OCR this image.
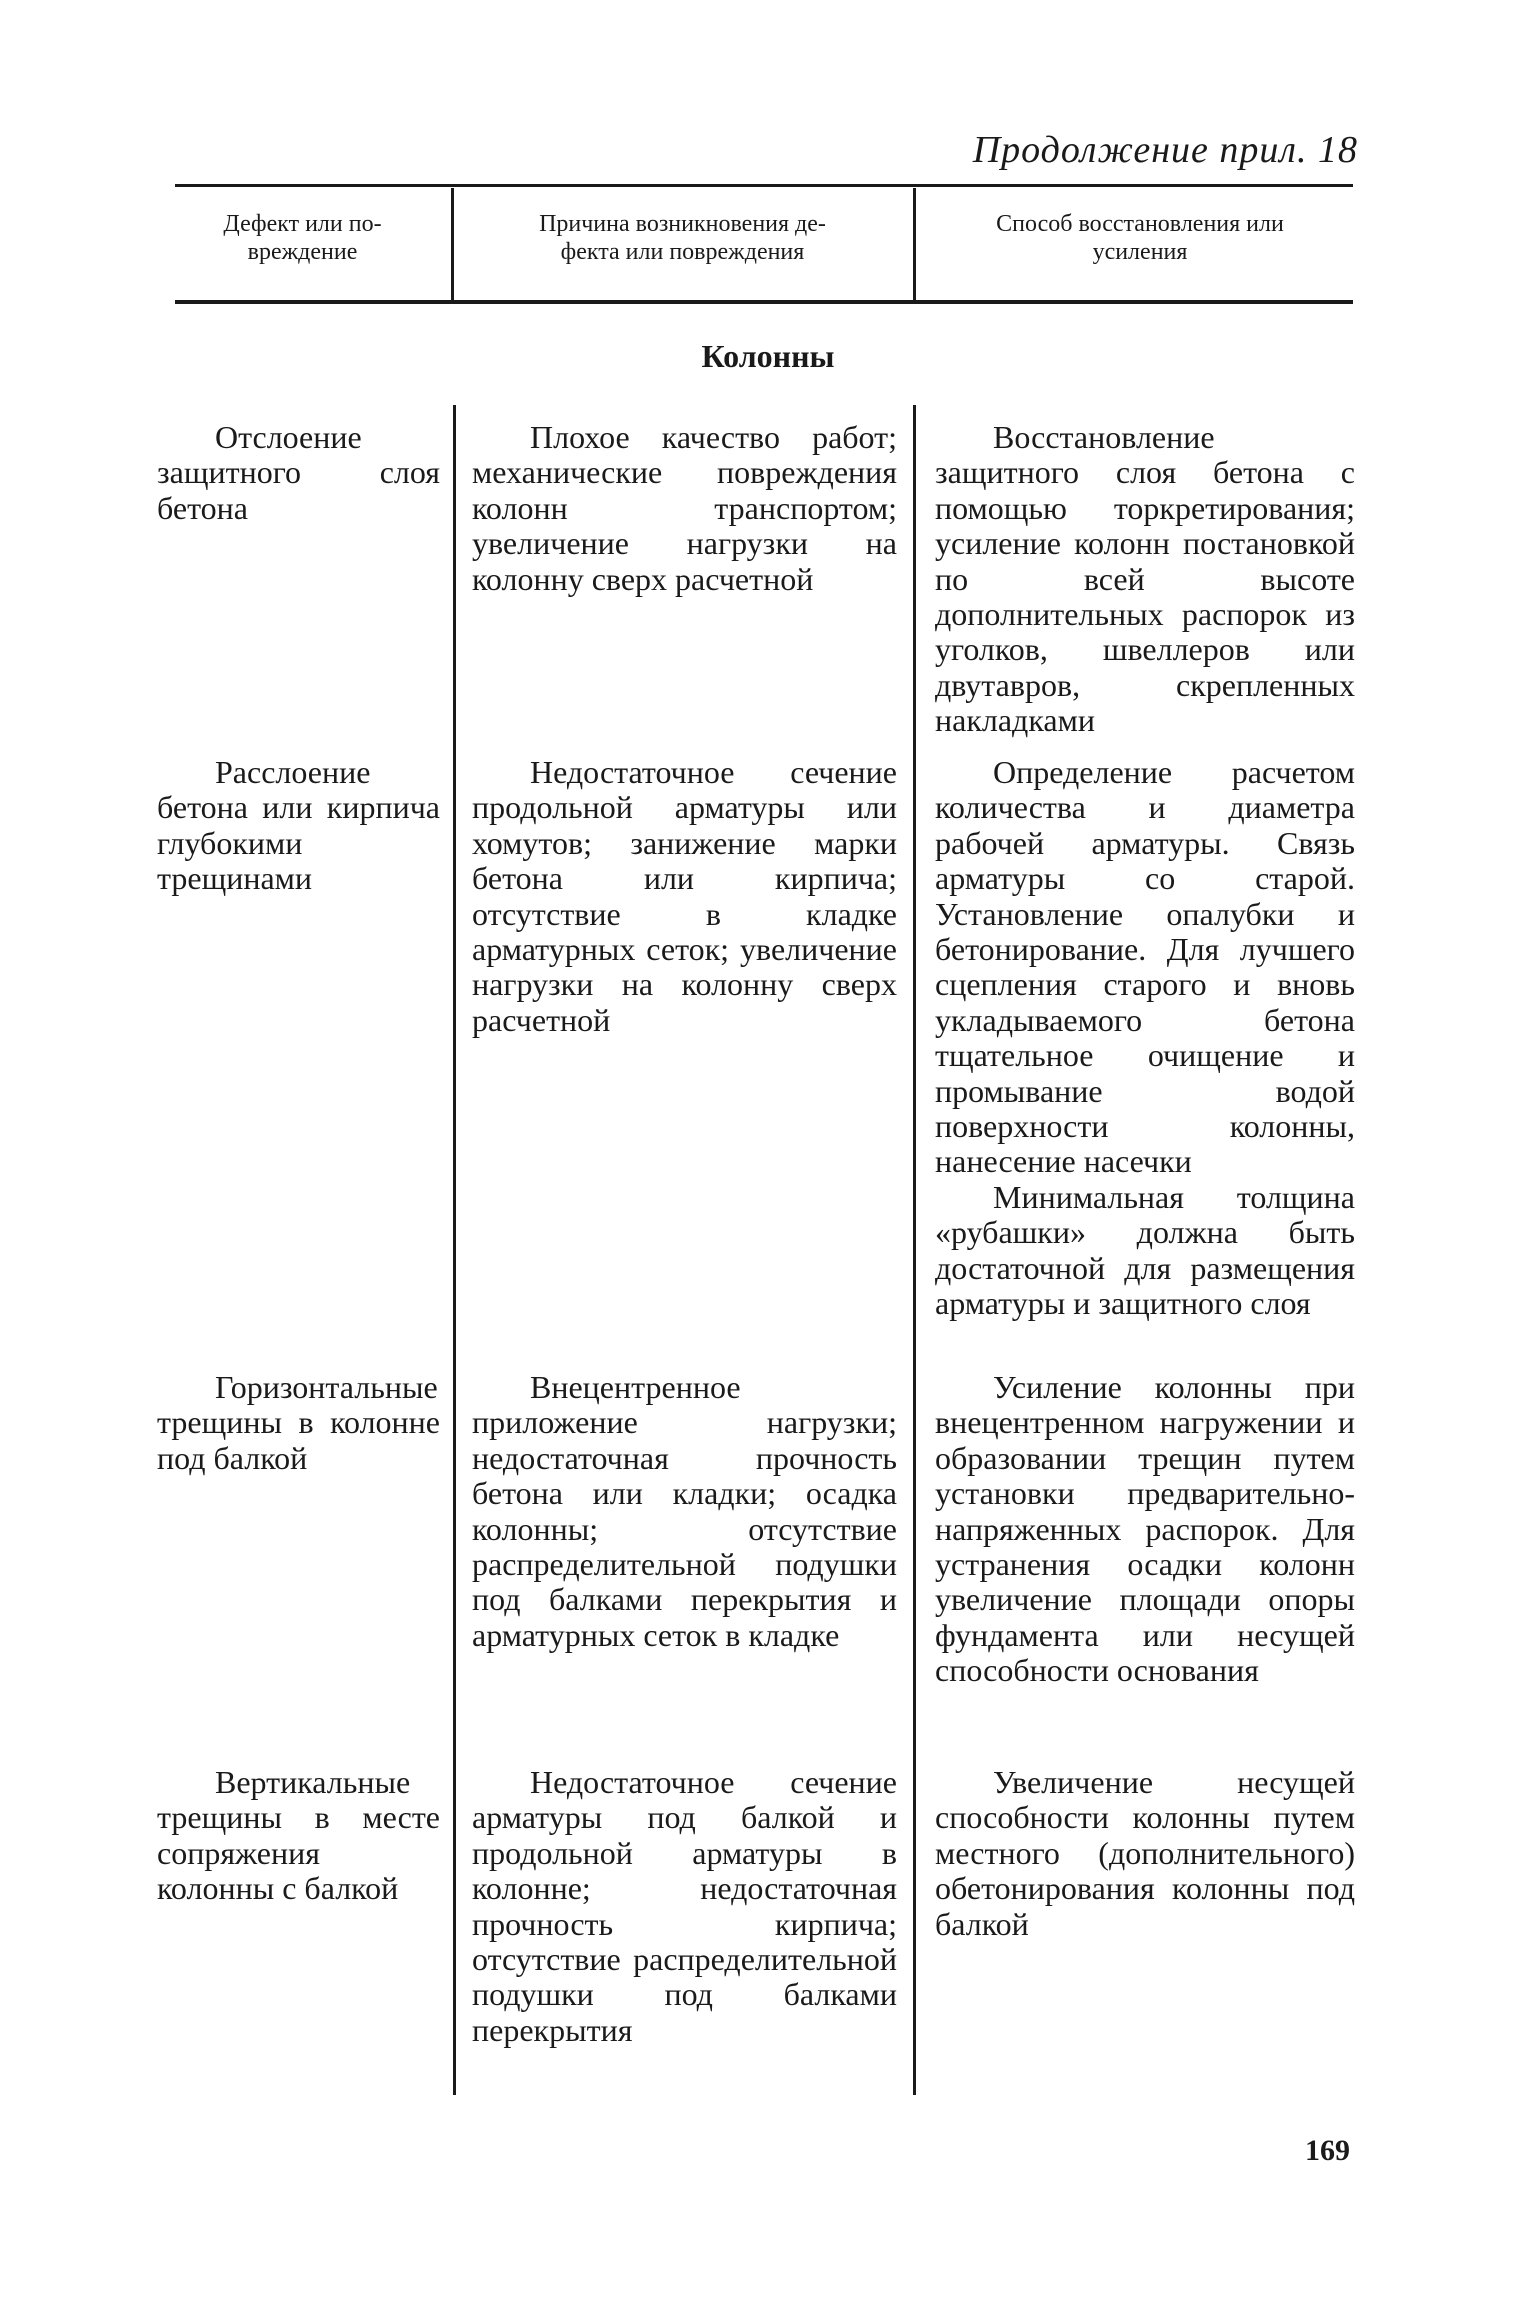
Продолжение прил. 18
Дефект или по-
вреждение
Причина возникновения де-
фекта или повреждения
Способ восстановления или
усиления
Колонны
Отслоение защитного слоя бетона
Плохое качество работ; механические повреждения колонн транспортом; увеличение нагрузки на колонну сверх расчетной
Восстановление защитного слоя бетона с помощью торкретирования; усиление колонн постановкой по всей высоте дополнительных распорок из уголков, швеллеров или двутавров, скрепленных накладками
Расслоение бетона или кирпича глубокими трещинами
Недостаточное сечение продольной арматуры или хомутов; занижение марки бетона или кирпича; отсутствие в кладке арматурных сеток; увеличение нагрузки на колонну сверх расчетной
Определение расчетом количества и диаметра рабочей арматуры. Связь арматуры со старой. Установление опалубки и бетонирование. Для лучшего сцепления старого и вновь укладываемого бетона тщательное очищение и промывание водой поверхности колонны, нанесение насечки
Минимальная толщина «рубашки» должна быть достаточной для размещения арматуры и защитного слоя
Горизонтальные трещины в колонне под балкой
Внецентренное приложение нагрузки; недостаточная прочность бетона или кладки; осадка колонны; отсутствие распределительной подушки под балками перекрытия и арматурных сеток в кладке
Усиление колонны при внецентренном нагружении и образовании трещин путем установки предварительно-напряженных распорок. Для устранения осадки колонн увеличение площади опоры фундамента или несущей способности основания
Вертикальные трещины в месте сопряжения колонны с балкой
Недостаточное сечение арматуры под балкой и продольной арматуры в колонне; недостаточная прочность кирпича; отсутствие распределительной подушки под балками перекрытия
Увеличение несущей способности колонны путем местного (дополнительного) обетонирования колонны под балкой
169
